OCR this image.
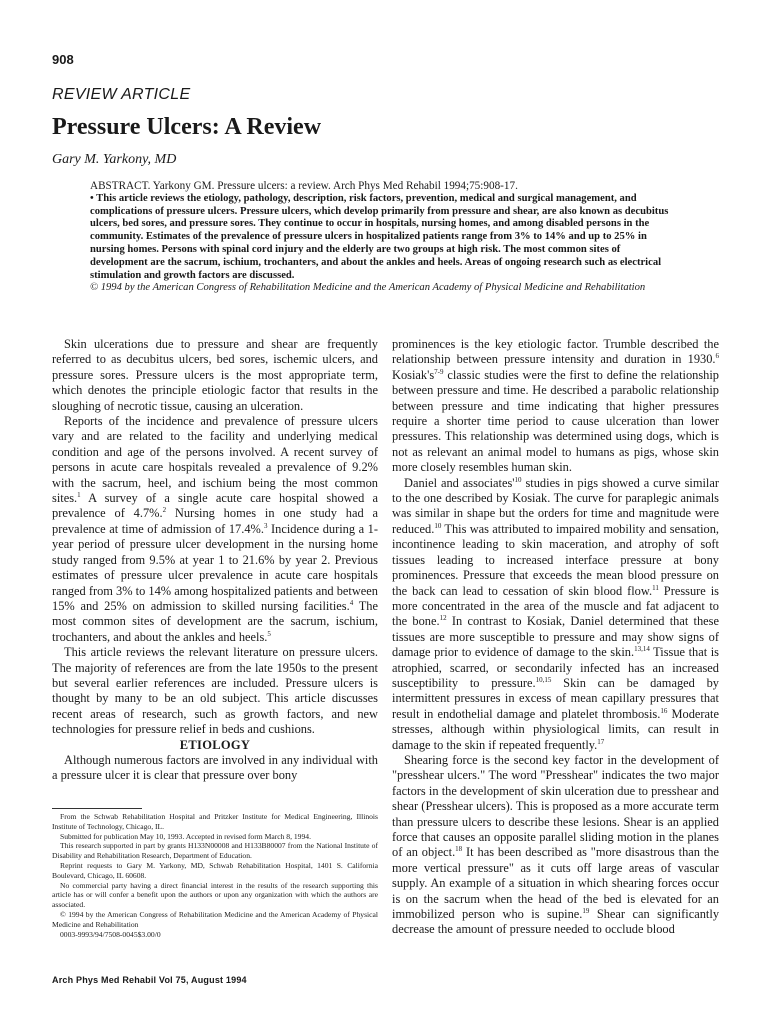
908
REVIEW ARTICLE
Pressure Ulcers: A Review
Gary M. Yarkony, MD

ABSTRACT. Yarkony GM. Pressure ulcers: a review. Arch Phys Med Rehabil 1994;75:908-17.

• This article reviews the etiology, pathology, description, risk factors, prevention, medical and surgical management, and complications of pressure ulcers. Pressure ulcers, which develop primarily from pressure and shear, are also known as decubitus ulcers, bed sores, and pressure sores. They continue to occur in hospitals, nursing homes, and among disabled persons in the community. Estimates of the prevalence of pressure ulcers in hospitalized patients range from 3% to 14% and up to 25% in nursing homes. Persons with spinal cord injury and the elderly are two groups at high risk. The most common sites of development are the sacrum, ischium, trochanters, and about the ankles and heels. Areas of ongoing research such as electrical stimulation and growth factors are discussed.

© 1994 by the American Congress of Rehabilitation Medicine and the American Academy of Physical Medicine and Rehabilitation

Skin ulcerations due to pressure and shear are frequently referred to as decubitus ulcers, bed sores, ischemic ulcers, and pressure sores. Pressure ulcers is the most appropriate term, which denotes the principle etiologic factor that results in the sloughing of necrotic tissue, causing an ulceration.

Reports of the incidence and prevalence of pressure ulcers vary and are related to the facility and underlying medical condition and age of the persons involved. A recent survey of persons in acute care hospitals revealed a prevalence of 9.2% with the sacrum, heel, and ischium being the most common sites.$^1$ A survey of a single acute care hospital showed a prevalence of 4.7%.$^2$ Nursing homes in one study had a prevalence at time of admission of 17.4%.$^3$ Incidence during a 1-year period of pressure ulcer development in the nursing home study ranged from 9.5% at year 1 to 21.6% by year 2. Previous estimates of pressure ulcer prevalence in acute care hospitals ranged from 3% to 14% among hospitalized patients and between 15% and 25% on admission to skilled nursing facilities.$^4$ The most common sites of development are the sacrum, ischium, trochanters, and about the ankles and heels.$^5$

This article reviews the relevant literature on pressure ulcers. The majority of references are from the late 1950s to the present but several earlier references are included. Pressure ulcers is thought by many to be an old subject. This article discusses recent areas of research, such as growth factors, and new technologies for pressure relief in beds and cushions.

ETIOLOGY

Although numerous factors are involved in any individual with a pressure ulcer it is clear that pressure over bony

From the Schwab Rehabilitation Hospital and Pritzker Institute for Medical Engineering, Illinois Institute of Technology, Chicago, IL.

Submitted for publication May 10, 1993. Accepted in revised form March 8, 1994.

This research supported in part by grants H133N00008 and H133B80007 from the National Institute of Disability and Rehabilitation Research, Department of Education.

Reprint requests to Gary M. Yarkony, MD, Schwab Rehabilitation Hospital, 1401 S. California Boulevard, Chicago, IL 60608.

No commercial party having a direct financial interest in the results of the research supporting this article has or will confer a benefit upon the authors or upon any organization with which the authors are associated.

© 1994 by the American Congress of Rehabilitation Medicine and the American Academy of Physical Medicine and Rehabilitation

0003-9993/94/7508-0045$3.00/0

prominences is the key etiologic factor. Trumble described the relationship between pressure intensity and duration in 1930.$^6$ $Kosiak's^{7-9}$ classic studies were the first to define the relationship between pressure and time. He described a parabolic relationship between pressure and time indicating that higher pressures require a shorter time period to cause ulceration than lower pressures. This relationship was determined using dogs, which is not as relevant an animal model to humans as pigs, whose skin more closely resembles human skin.

Daniel and $associates'^{10}$ studies in pigs showed a curve similar to the one described by Kosiak. The curve for paraplegic animals was similar in shape but the orders for time and magnitude were reduced.$^{10}$ This was attributed to impaired mobility and sensation, incontinence leading to skin maceration, and atrophy of soft tissues leading to increased interface pressure at bony prominences. Pressure that exceeds the mean blood pressure on the back can lead to cessation of skin blood flow.$^{11}$ Pressure is more concentrated in the area of the muscle and fat adjacent to the bone.$^{12}$ In contrast to Kosiak, Daniel determined that these tissues are more susceptible to pressure and may show signs of damage prior to evidence of damage to the skin.$^{13,14}$ Tissue that is atrophied, scarred, or secondarily infected has an increased susceptibility to pressure.$^{10,15}$ Skin can be damaged by intermittent pressures in excess of mean capillary pressures that result in endothelial damage and platelet thrombosis.$^{16}$ Moderate stresses, although within physiological limits, can result in damage to the skin if repeated frequently.$^{17}$

Shearing force is the second key factor in the development of "presshear ulcers." The word "Presshear" indicates the two major factors in the development of skin ulceration due to presshear and shear (Presshear ulcers). This is proposed as a more accurate term than pressure ulcers to describe these lesions. Shear is an applied force that causes an opposite parallel sliding motion in the planes of an object.$^{18}$ It has been described as "more disastrous than the more vertical pressure" as it cuts off large areas of vascular supply. An example of a situation in which shearing forces occur is on the sacrum when the head of the bed is elevated for an immobilized person who is supine.$^{19}$ Shear can significantly decrease the amount of pressure needed to occlude blood

Arch Phys Med Rehabil Vol 75, August 1994
